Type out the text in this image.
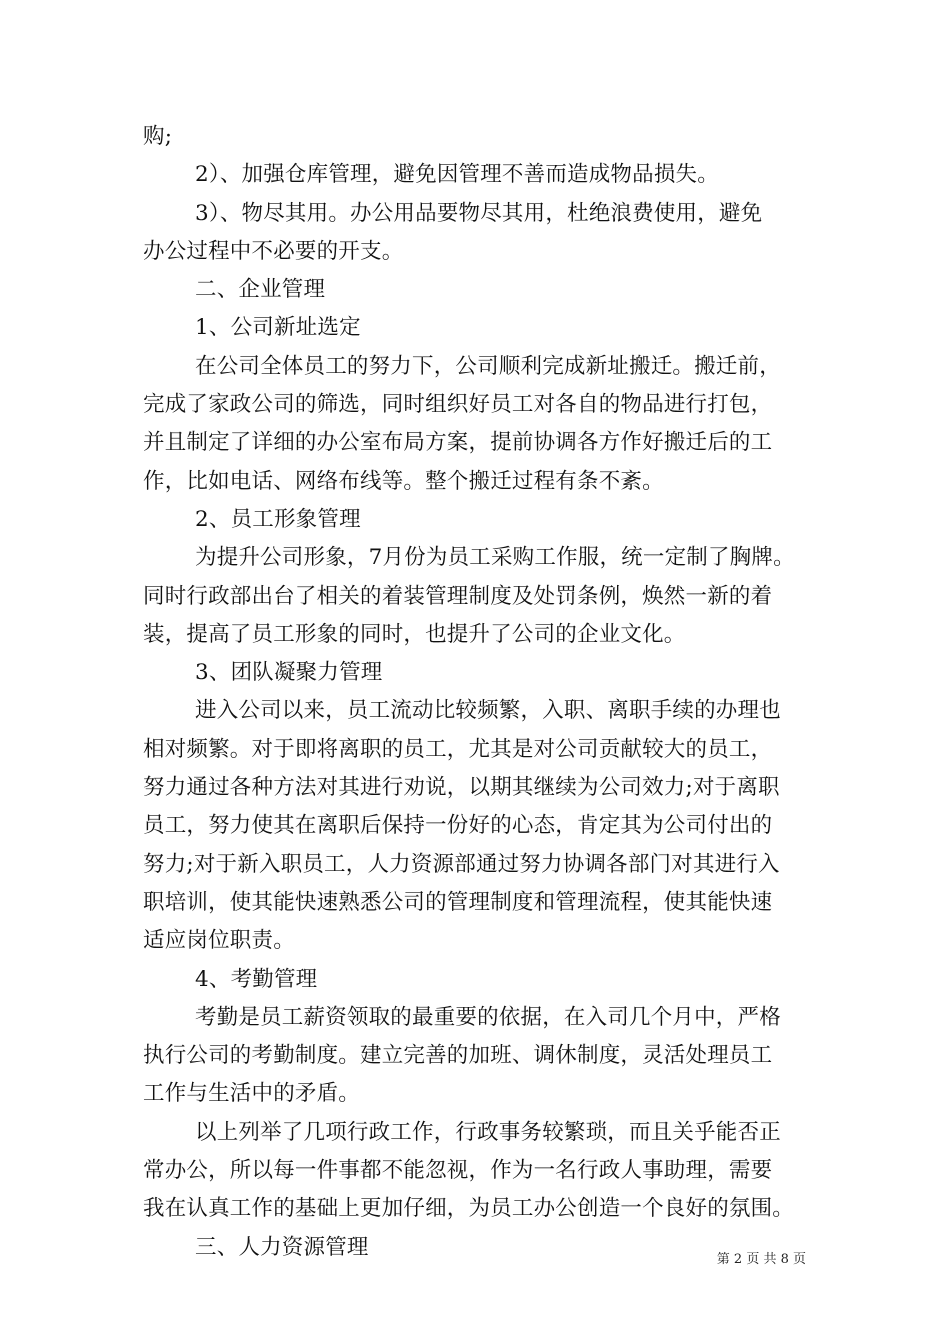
购;

2）、加强仓库管理，避免因管理不善而造成物品损失。

3）、物尽其用。办公用品要物尽其用，杜绝浪费使用，避免

办公过程中不必要的开支。

二、企业管理

1、公司新址选定

在公司全体员工的努力下，公司顺利完成新址搬迁。搬迁前，

完成了家政公司的筛选，同时组织好员工对各自的物品进行打包，

并且制定了详细的办公室布局方案，提前协调各方作好搬迁后的工

作，比如电话、网络布线等。整个搬迁过程有条不紊。

2、员工形象管理

为提升公司形象，7月份为员工采购工作服，统一定制了胸牌。

同时行政部出台了相关的着装管理制度及处罚条例，焕然一新的着

装，提高了员工形象的同时，也提升了公司的企业文化。

3、团队凝聚力管理

进入公司以来，员工流动比较频繁，入职、离职手续的办理也

相对频繁。对于即将离职的员工，尤其是对公司贡献较大的员工，

努力通过各种方法对其进行劝说，以期其继续为公司效力;对于离职

员工，努力使其在离职后保持一份好的心态，肯定其为公司付出的

努力;对于新入职员工，人力资源部通过努力协调各部门对其进行入

职培训，使其能快速熟悉公司的管理制度和管理流程，使其能快速

适应岗位职责。

4、考勤管理

考勤是员工薪资领取的最重要的依据，在入司几个月中，严格

执行公司的考勤制度。建立完善的加班、调休制度，灵活处理员工

工作与生活中的矛盾。

以上列举了几项行政工作，行政事务较繁琐，而且关乎能否正

常办公，所以每一件事都不能忽视，作为一名行政人事助理，需要

我在认真工作的基础上更加仔细，为员工办公创造一个良好的氛围。

三、人力资源管理	第 2 页 共 8 页
